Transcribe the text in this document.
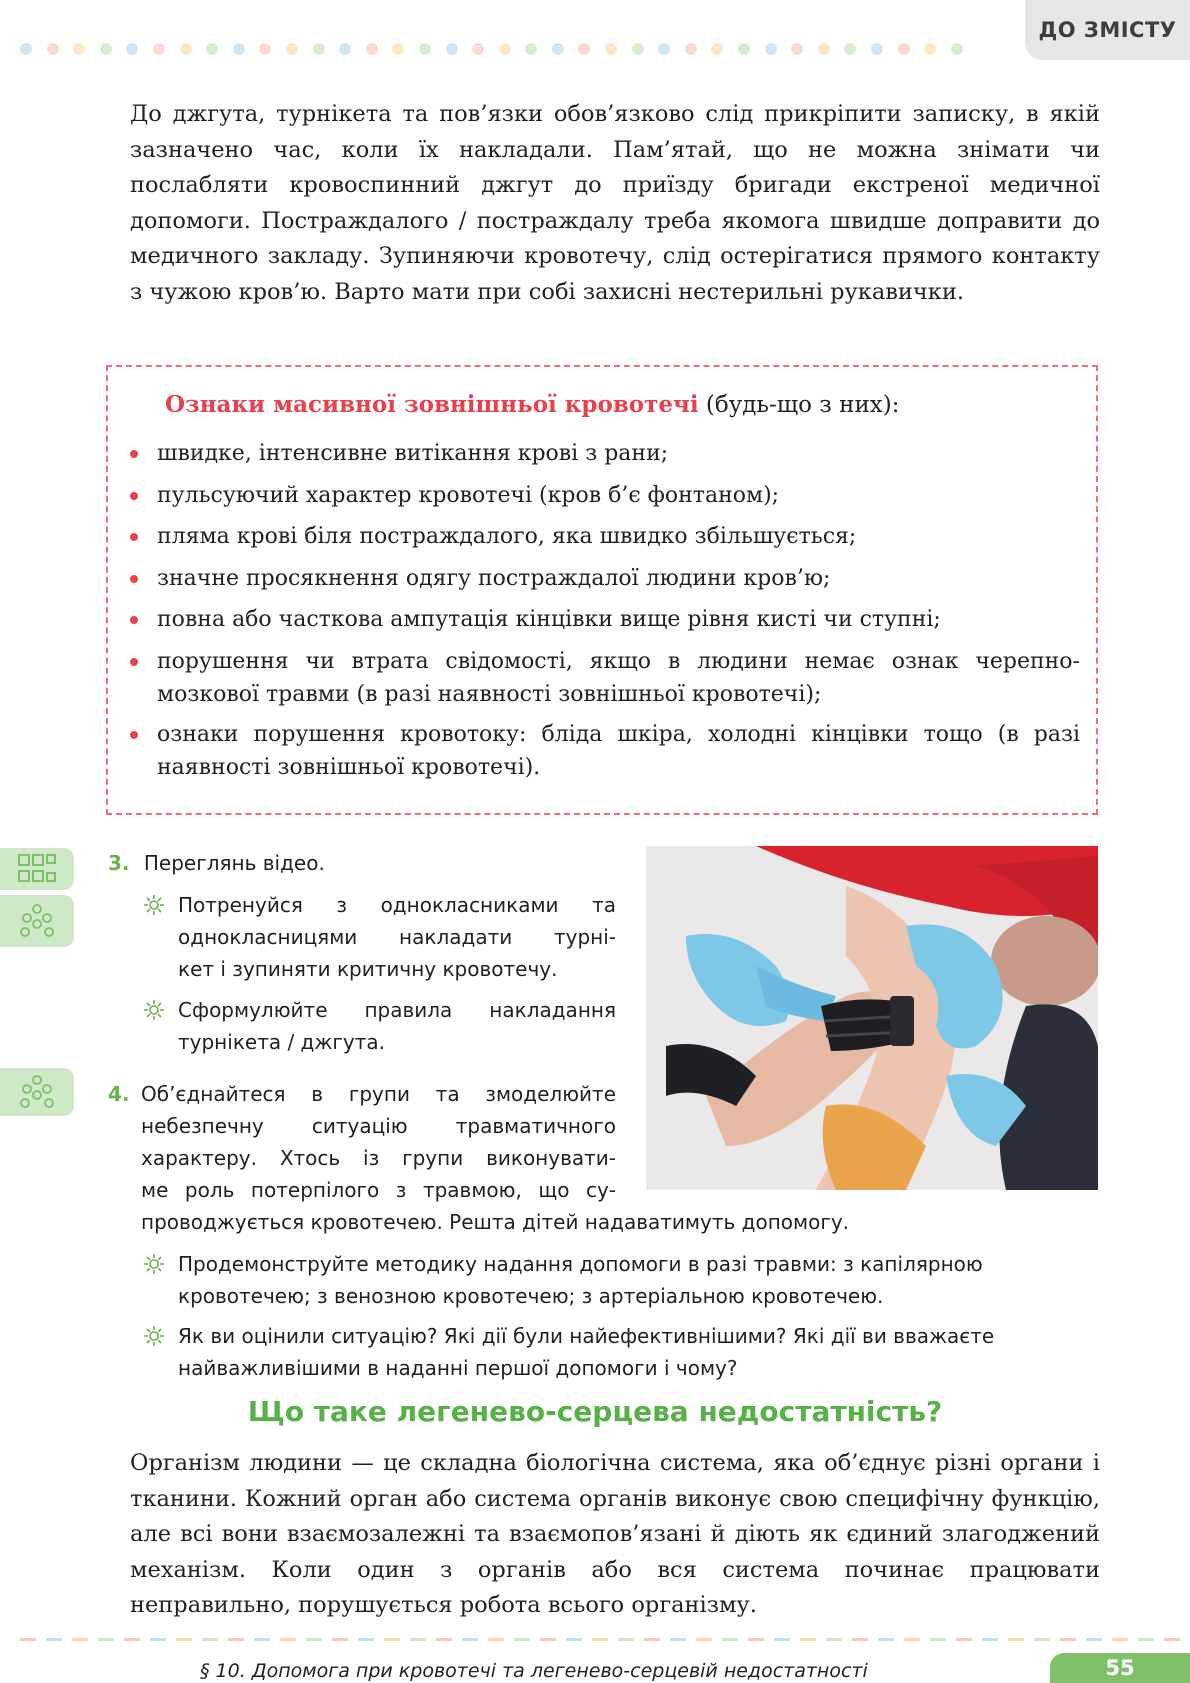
ДО ЗМІСТУ

До джгута, турнікета та пов’язки обов’язково слід прикріпити записку, в якій зазначено час, коли їх накладали. Пам’ятай, що не можна знімати чи послабляти кровоспинний джгут до приїзду бригади екстреної медичної допомоги. Постраждалого / постраждалу треба якомога швидше доправити до медичного закладу. Зупиняючи кровотечу, слід остерігатися прямого контакту з чужою кров’ю. Варто мати при собі захисні нестерильні рукавички.

Ознаки масивної зовнішньої кровотечі (будь-що з них):

швидке, інтенсивне витікання крові з рани;
пульсуючий характер кровотечі (кров б’є фонтаном);
пляма крові біля постраждалого, яка швидко збільшується;
значне просякнення одягу постраждалої людини кров’ю;
повна або часткова ампутація кінцівки вище рівня кисті чи ступні;
порушення чи втрата свідомості, якщо в людини немає ознак черепно-мозкової травми (в разі наявності зовнішньої кровотечі);
ознаки порушення кровотоку: бліда шкіра, холодні кінцівки тощо (в разі наявності зовнішньої кровотечі).
3. Переглянь відео.
Потренуйся з однокласниками та
однокласницями накладати турні-
кет і зупиняти критичну кровотечу.
Сформулюйте правила накладання
турнікета / джгута.
4. Об’єднайтеся в групи та змоделюйте
небезпечну ситуацію травматичного
характеру. Хтось із групи виконувати-
ме роль потерпілого з травмою, що су-
проводжується кровотечею. Решта дітей надаватимуть допомогу.
Продемонструйте методику надання допомоги в разі травми: з капілярною
кровотечею; з венозною кровотечею; з артеріальною кровотечею.
Як ви оцінили ситуацію? Які дії були найефективнішими? Які дії ви вважаєте
найважливішими в наданні першої допомоги і чому?

Що таке легенево-серцева недостатність?

Організм людини — це складна біологічна система, яка об’єднує різні органи і тканини. Кожний орган або система органів виконує свою специфічну функцію, але всі вони взаємозалежні та взаємопов’язані й діють як єдиний злагоджений механізм. Коли один з органів або вся система починає працювати неправильно, порушується робота всього організму.

§ 10. Допомога при кровотечі та легенево-серцевій недостатності	55
